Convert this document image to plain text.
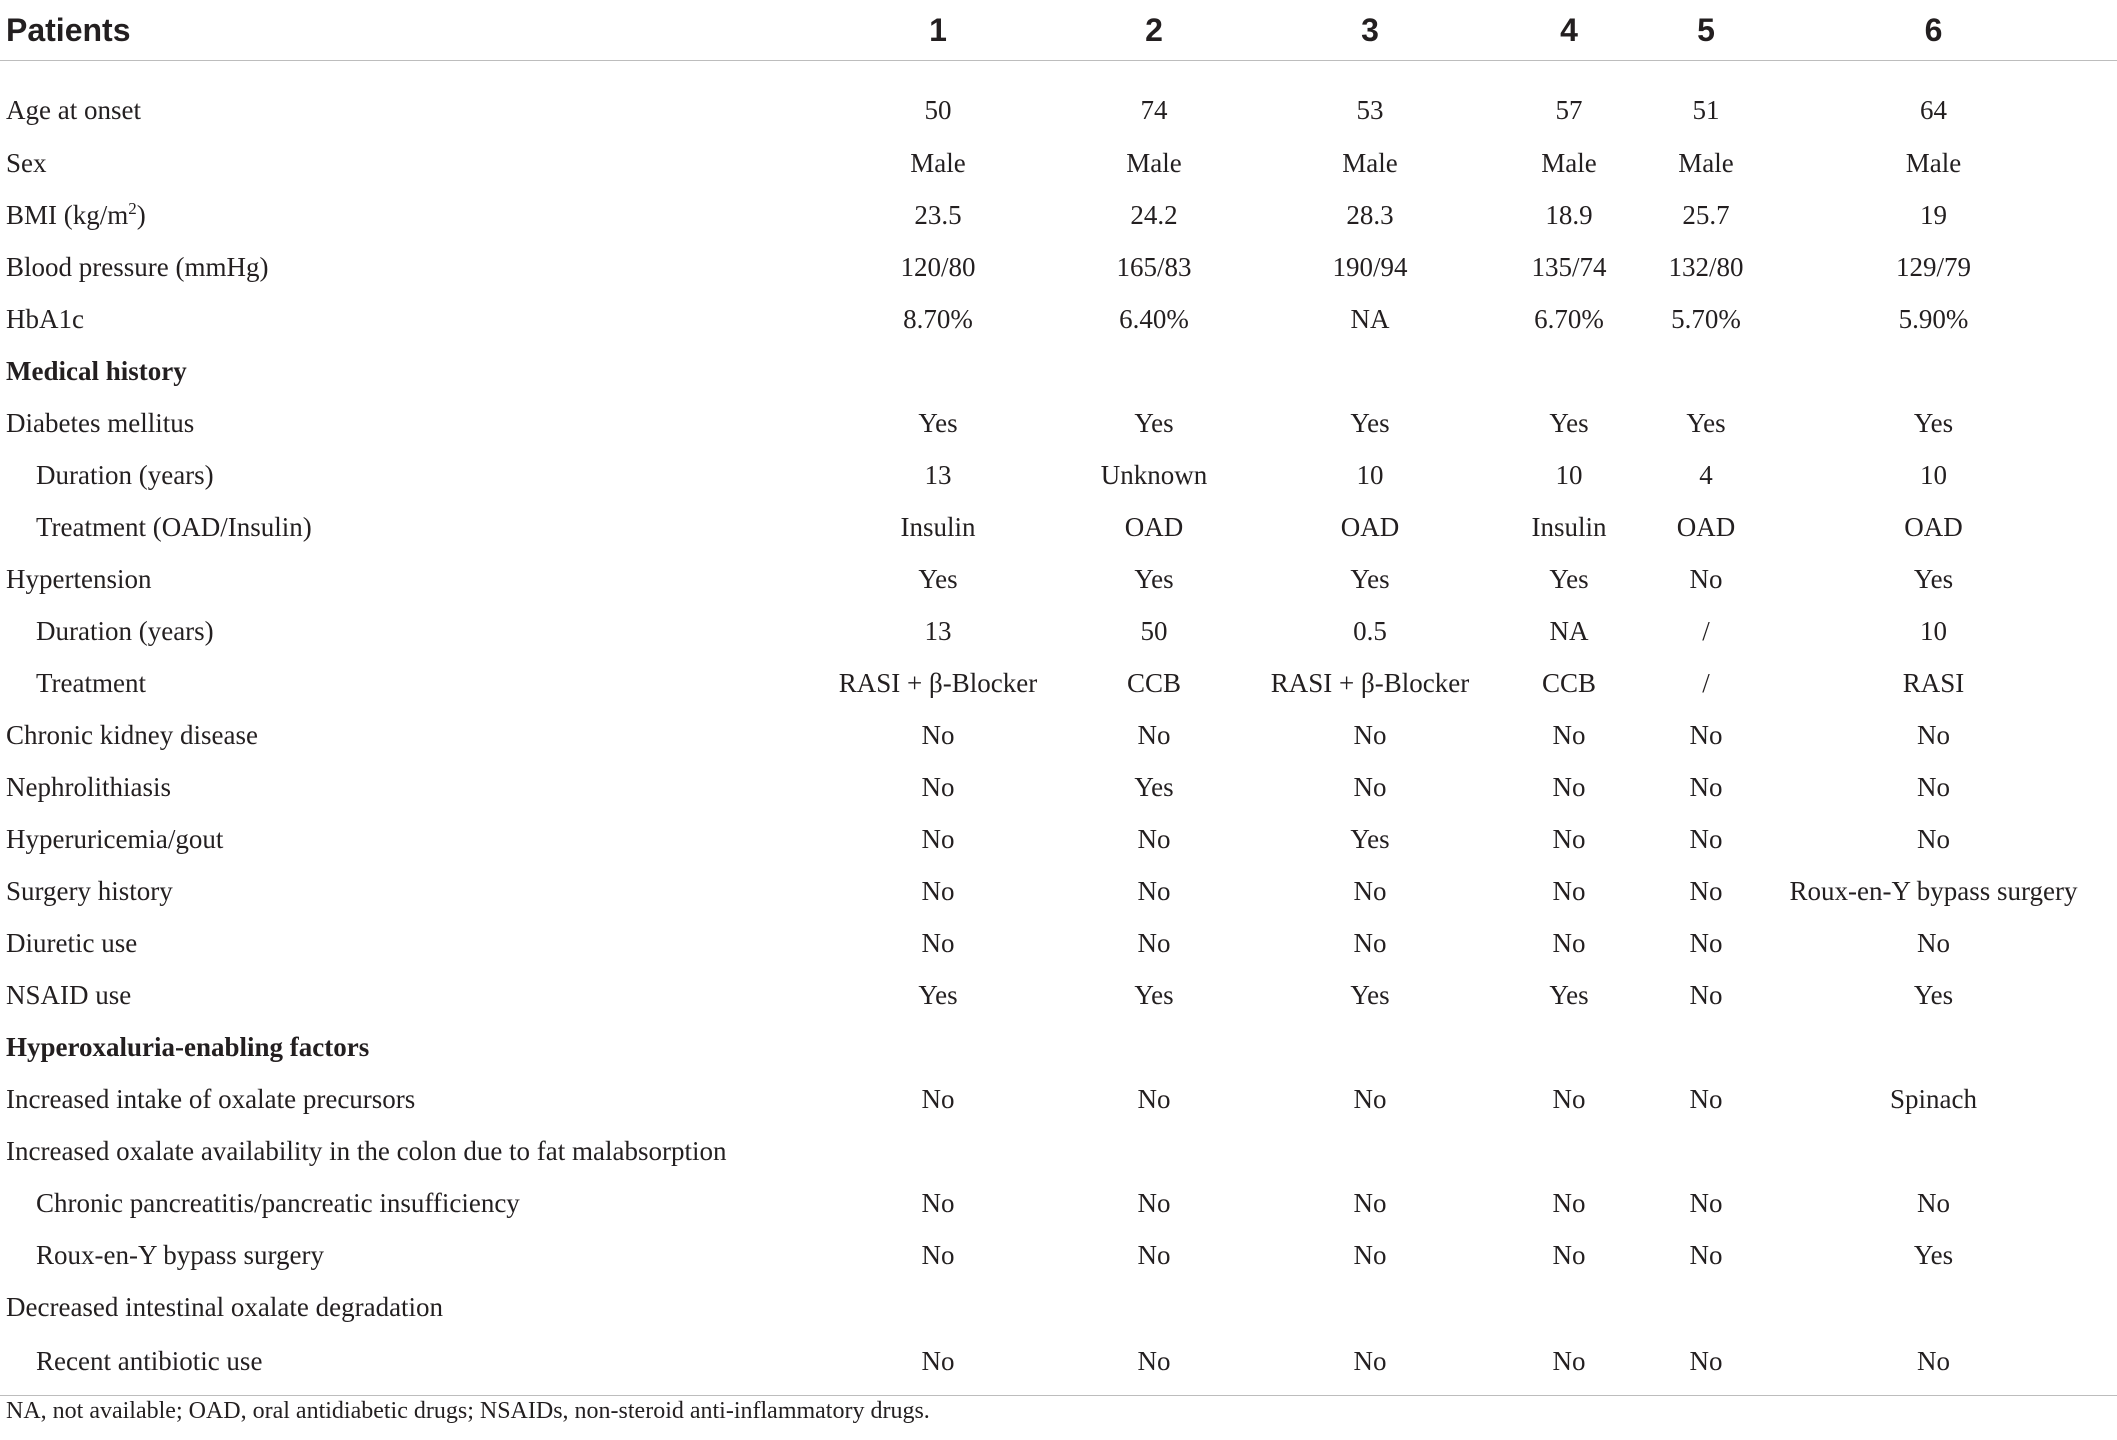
Patients	1	2	3	4	5	6
Age at onset	50	74	53	57	51	64
Sex	Male	Male	Male	Male	Male	Male
BMI $(kg/m^2)$	23.5	24.2	28.3	18.9	25.7	19
Blood pressure (mmHg)	120/80	165/83	190/94	135/74	132/80	129/79
HbA1c	8.70%	6.40%	NA	6.70%	5.70%	5.90%
Medical history						
Diabetes mellitus	Yes	Yes	Yes	Yes	Yes	Yes
Duration (years)	13	Unknown	10	10	4	10
Treatment (OAD/Insulin)	Insulin	OAD	OAD	Insulin	OAD	OAD
Hypertension	Yes	Yes	Yes	Yes	No	Yes
Duration (years)	13	50	0.5	NA	/	10
Treatment	RASI + β-Blocker	CCB	RASI + β-Blocker	CCB	/	RASI
Chronic kidney disease	No	No	No	No	No	No
Nephrolithiasis	No	Yes	No	No	No	No
Hyperuricemia/gout	No	No	Yes	No	No	No
Surgery history	No	No	No	No	No	Roux-en-Y bypass surgery
Diuretic use	No	No	No	No	No	No
NSAID use	Yes	Yes	Yes	Yes	No	Yes
Hyperoxaluria-enabling factors						
Increased intake of oxalate precursors	No	No	No	No	No	Spinach
Increased oxalate availability in the colon due to fat malabsorption						
Chronic pancreatitis/pancreatic insufficiency	No	No	No	No	No	No
Roux-en-Y bypass surgery	No	No	No	No	No	Yes
Decreased intestinal oxalate degradation						
Recent antibiotic use	No	No	No	No	No	No
NA, not available; OAD, oral antidiabetic drugs; NSAIDs, non-steroid anti-inflammatory drugs.
